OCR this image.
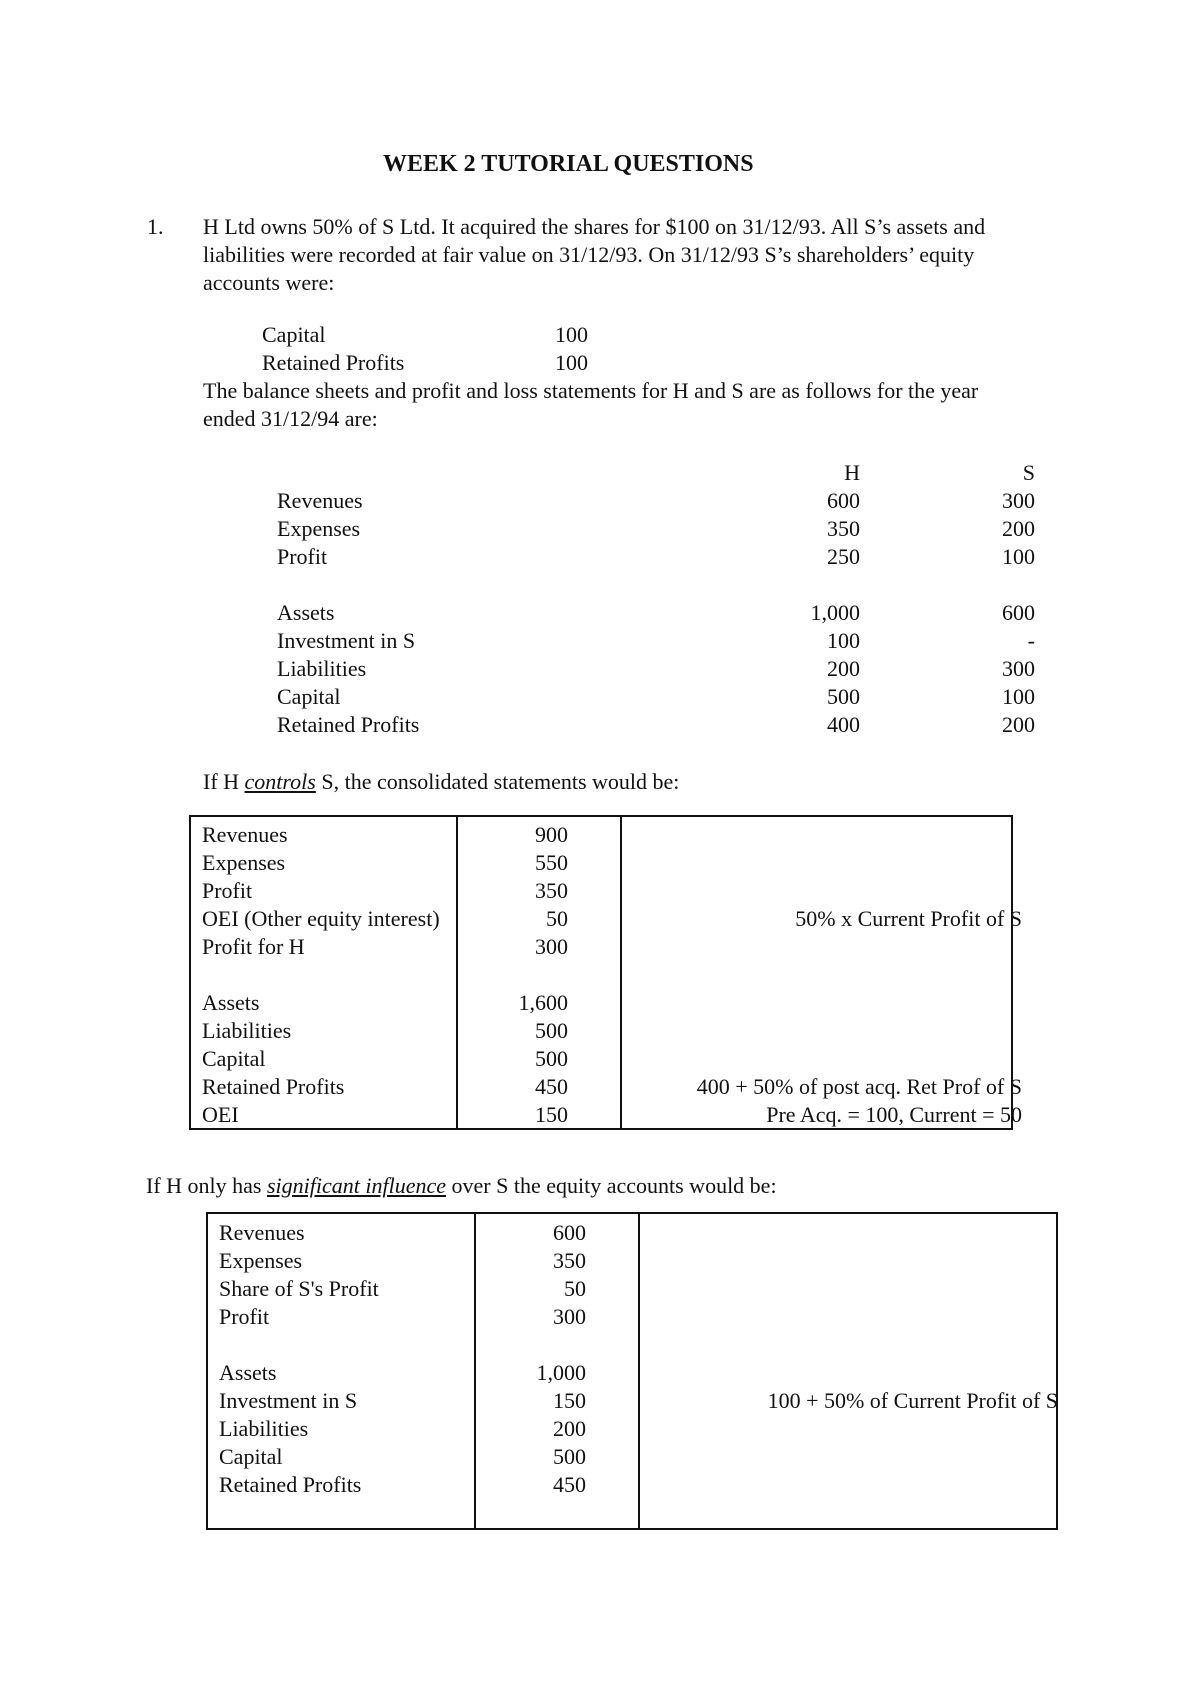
WEEK 2 TUTORIAL QUESTIONS
1. H Ltd owns 50% of S Ltd. It acquired the shares for $100 on 31/12/93. All S’s assets and
liabilities were recorded at fair value on 31/12/93. On 31/12/93 S’s shareholders’ equity
accounts were:
Capital	100
Retained Profits	100
The balance sheets and profit and loss statements for H and S are as follows for the year
ended 31/12/94 are:
H	S
Revenues	600	300
Expenses	350	200
Profit	250	100
Assets	1,000	600
Investment in S	100	-
Liabilities	200	300
Capital	500	100
Retained Profits	400	200
If H controls S, the consolidated statements would be:
Revenues	900
Expenses	550
Profit	350
OEI (Other equity interest)	50	50% x Current Profit of S
Profit for H	300
Assets	1,600
Liabilities	500
Capital	500
Retained Profits	450	400 + 50% of post acq. Ret Prof of S
OEI	150	Pre Acq. = 100, Current = 50
If H only has significant influence over S the equity accounts would be:
Revenues	600
Expenses	350
Share of S's Profit	50
Profit	300
Assets	1,000
Investment in S	150	100 + 50% of Current Profit of S
Liabilities	200
Capital	500
Retained Profits	450
